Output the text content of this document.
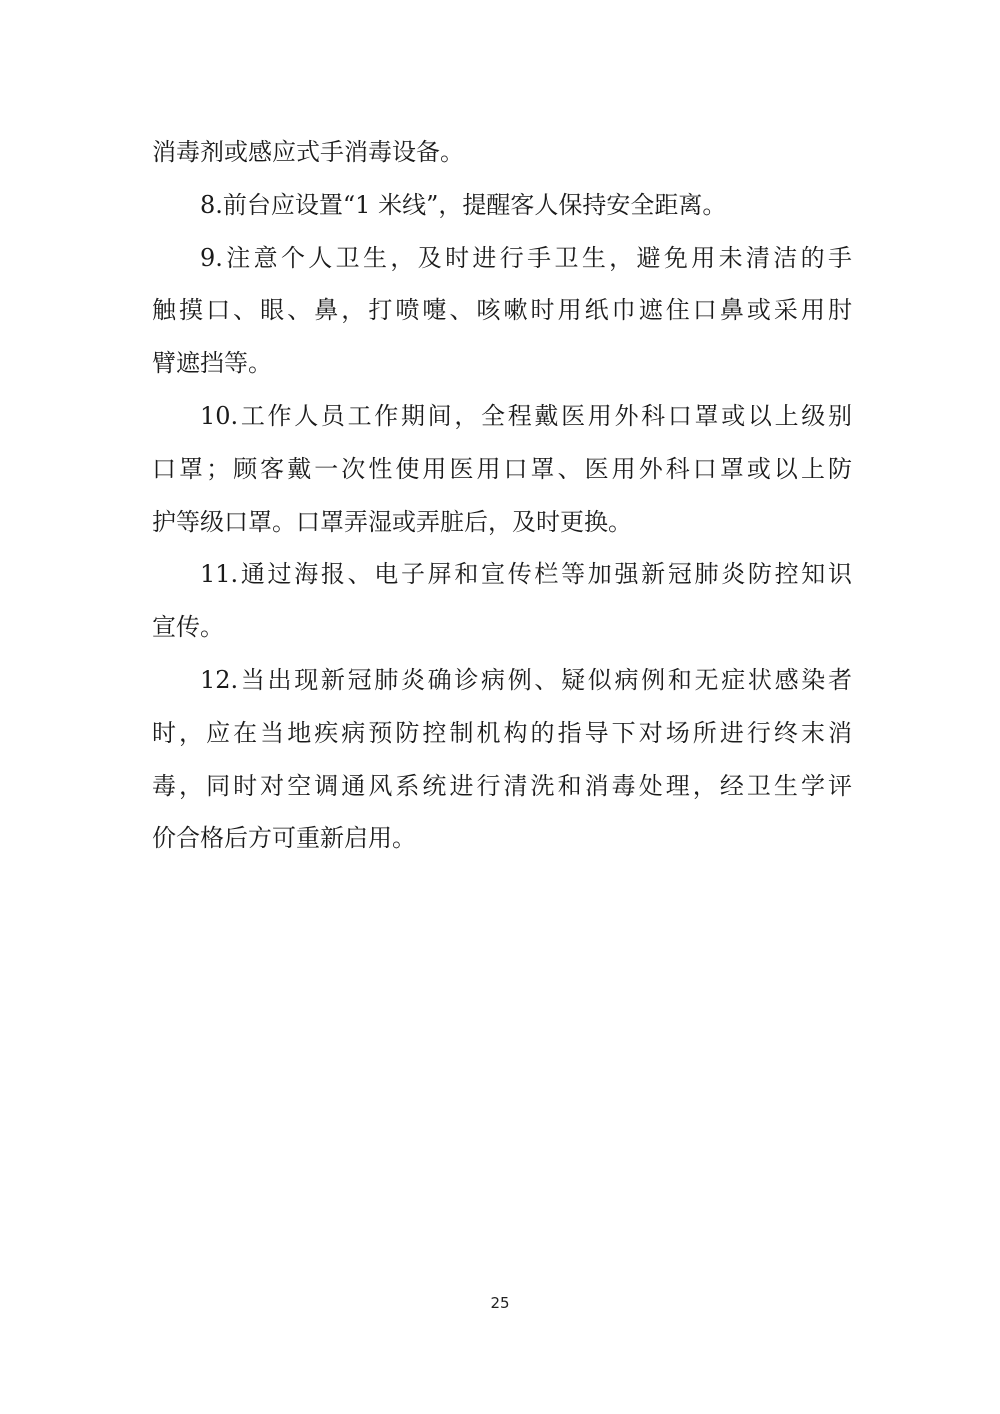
消毒剂或感应式手消毒设备。
8.前台应设置“1 米线”，提醒客人保持安全距离。
9.注意个人卫生，及时进行手卫生，避免用未清洁的手
触摸口、眼、鼻，打喷嚏、咳嗽时用纸巾遮住口鼻或采用肘
臂遮挡等。
10.工作人员工作期间，全程戴医用外科口罩或以上级别
口罩；顾客戴一次性使用医用口罩、医用外科口罩或以上防
护等级口罩。口罩弄湿或弄脏后，及时更换。
11.通过海报、电子屏和宣传栏等加强新冠肺炎防控知识
宣传。
12.当出现新冠肺炎确诊病例、疑似病例和无症状感染者
时，应在当地疾病预防控制机构的指导下对场所进行终末消
毒，同时对空调通风系统进行清洗和消毒处理，经卫生学评
价合格后方可重新启用。
25
